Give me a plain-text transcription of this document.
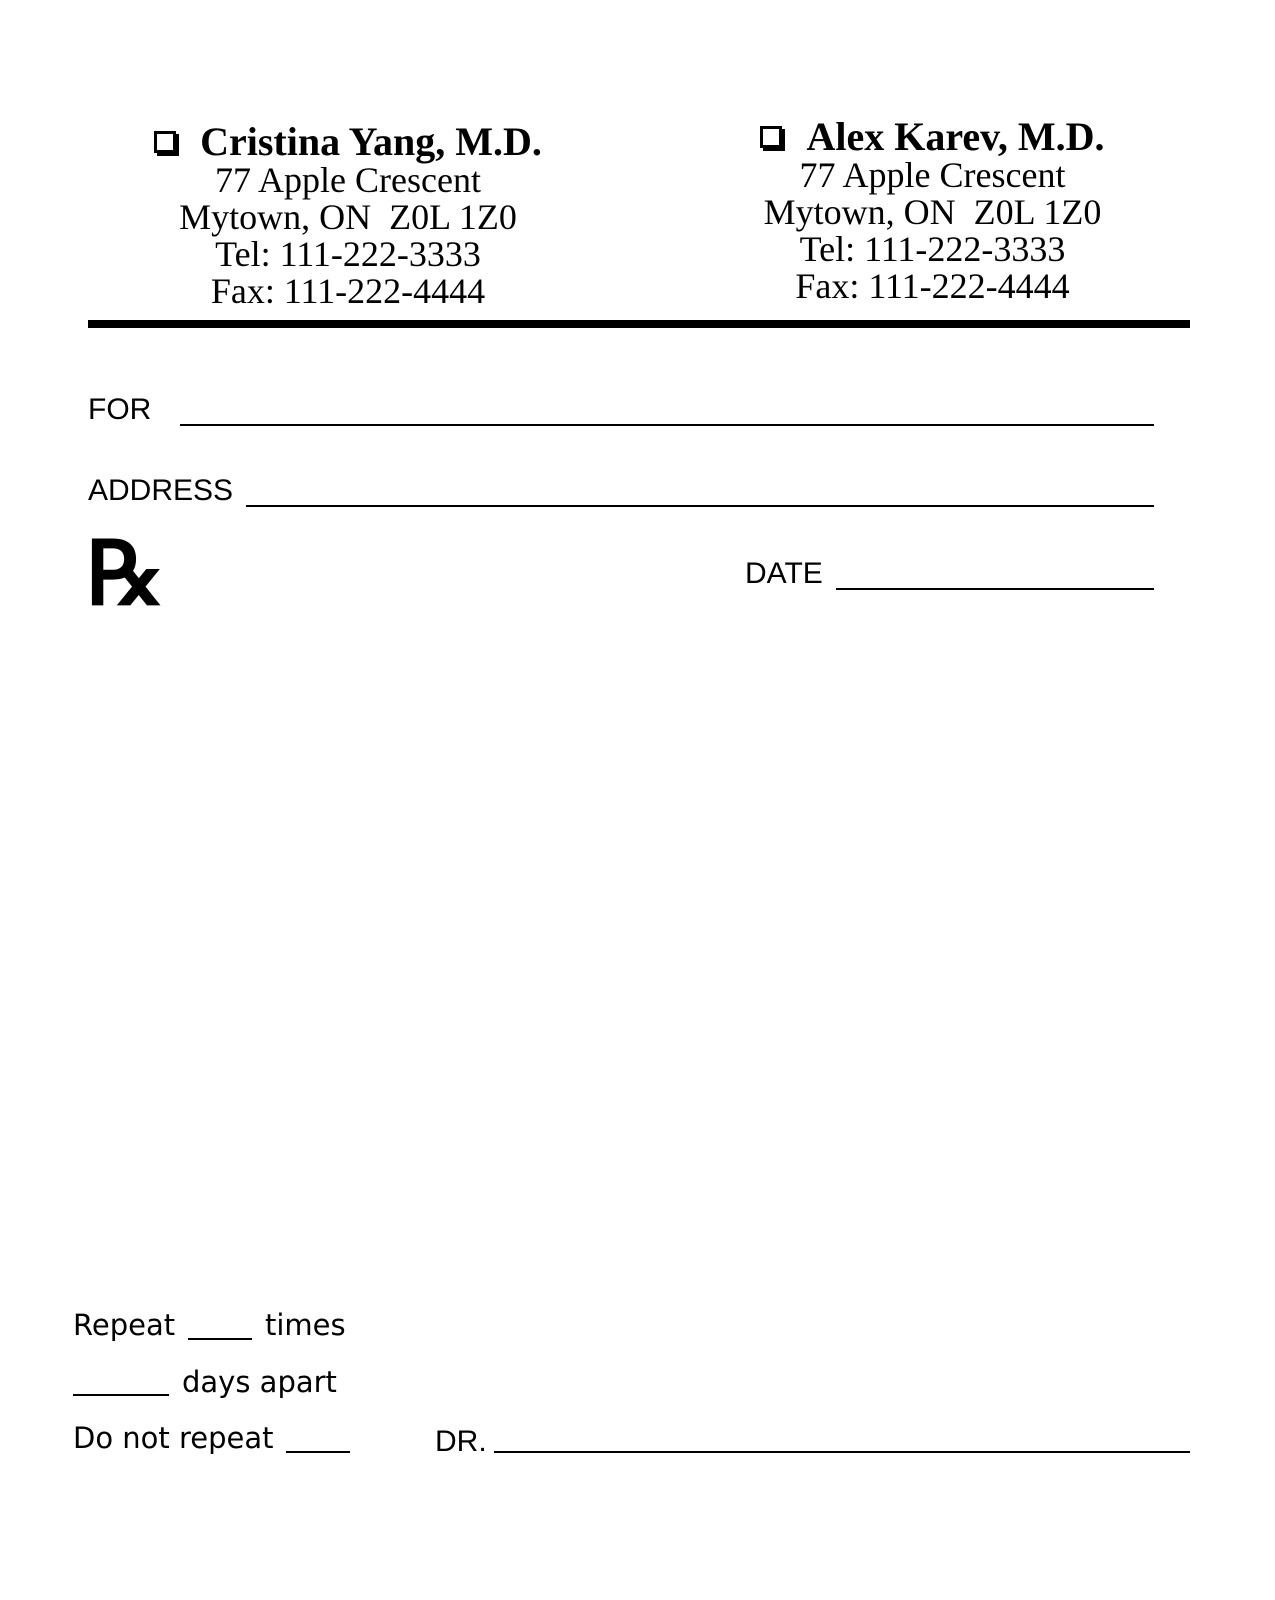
Cristina Yang, M.D.
77 Apple Crescent
Mytown, ON  Z0L 1Z0
Tel: 111-222-3333
Fax: 111-222-4444
Alex Karev, M.D.
77 Apple Crescent
Mytown, ON  Z0L 1Z0
Tel: 111-222-3333
Fax: 111-222-4444
FOR
ADDRESS
℞	DATE
Repeat	times
days apart
Do not repeat	DR.
